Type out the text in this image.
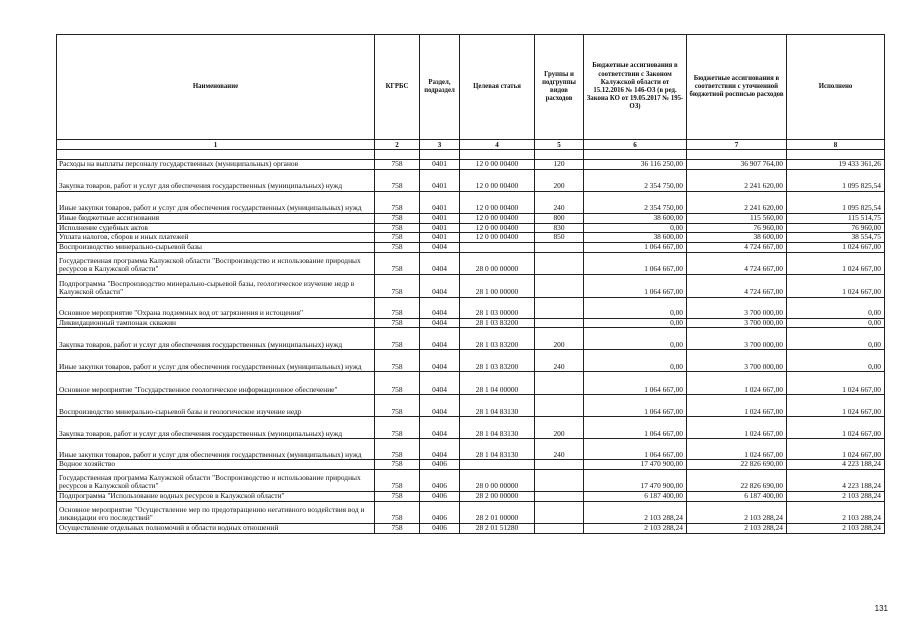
Наименование	КГРБС	Раздел, подраздел	Целевая статья	Группы и подгруппы видов расходов	Бюджетные ассигнования в соответствии с Законом Калужской области от 15.12.2016 № 146-ОЗ (в ред. Закона КО от 19.05.2017 № 195-ОЗ)	Бюджетные ассигнования в соответствии с уточненной бюджетной росписью расходов	Исполнено
1	2	3	4	5	6	7	8

Расходы на выплаты персоналу государственных (муниципальных) органов	758	0401	12 0 00 00400	120	36 116 250,00	36 907 764,00	19 433 361,26
Закупка товаров, работ и услуг для обеспечения государственных (муниципальных) нужд	758	0401	12 0 00 00400	200	2 354 750,00	2 241 620,00	1 095 825,54
Иные закупки товаров, работ и услуг для обеспечения государственных (муниципальных) нужд	758	0401	12 0 00 00400	240	2 354 750,00	2 241 620,00	1 095 825,54
Иные бюджетные ассигнования	758	0401	12 0 00 00400	800	38 600,00	115 560,00	115 514,75
Исполнение судебных актов	758	0401	12 0 00 00400	830	0,00	76 960,00	76 960,00
Уплата налогов, сборов и иных платежей	758	0401	12 0 00 00400	850	38 600,00	38 600,00	38 554,75
Воспроизводство минерально-сырьевой базы	758	0404			1 064 667,00	4 724 667,00	1 024 667,00
Государственная программа Калужской области "Воспроизводство и использование природных ресурсов в Калужской области"	758	0404	28 0 00 00000		1 064 667,00	4 724 667,00	1 024 667,00
Подпрограмма "Воспроизводство минерально-сырьевой базы, геологическое изучение недр в Калужской области"	758	0404	28 1 00 00000		1 064 667,00	4 724 667,00	1 024 667,00
Основное мероприятие "Охрана подземных вод от загрязнения и истощения"	758	0404	28 1 03 00000		0,00	3 700 000,00	0,00
Ликвидационный тампонаж скважин	758	0404	28 1 03 83200		0,00	3 700 000,00	0,00
Закупка товаров, работ и услуг для обеспечения государственных (муниципальных) нужд	758	0404	28 1 03 83200	200	0,00	3 700 000,00	0,00
Иные закупки товаров, работ и услуг для обеспечения государственных (муниципальных) нужд	758	0404	28 1 03 83200	240	0,00	3 700 000,00	0,00
Основное мероприятие "Государственное геологическое информационное обеспечение"	758	0404	28 1 04 00000		1 064 667,00	1 024 667,00	1 024 667,00
Воспроизводство минерально-сырьевой базы и геологическое изучение недр	758	0404	28 1 04 83130		1 064 667,00	1 024 667,00	1 024 667,00
Закупка товаров, работ и услуг для обеспечения государственных (муниципальных) нужд	758	0404	28 1 04 83130	200	1 064 667,00	1 024 667,00	1 024 667,00
Иные закупки товаров, работ и услуг для обеспечения государственных (муниципальных) нужд	758	0404	28 1 04 83130	240	1 064 667,00	1 024 667,00	1 024 667,00
Водное хозяйство	758	0406			17 470 900,00	22 826 690,00	4 223 188,24
Государственная программа Калужской области "Воспроизводство и использование природных ресурсов в Калужской области"	758	0406	28 0 00 00000		17 470 900,00	22 826 690,00	4 223 188,24
Подпрограмма "Использование водных ресурсов в Калужской области"	758	0406	28 2 00 00000		6 187 400,00	6 187 400,00	2 103 288,24
Основное мероприятие "Осуществление мер по предотвращению негативного воздействия вод и ликвидации его последствий"	758	0406	28 2 01 00000		2 103 288,24	2 103 288,24	2 103 288,24
Осуществление отдельных полномочий в области водных отношений	758	0406	28 2 01 51280		2 103 288,24	2 103 288,24	2 103 288,24
131
